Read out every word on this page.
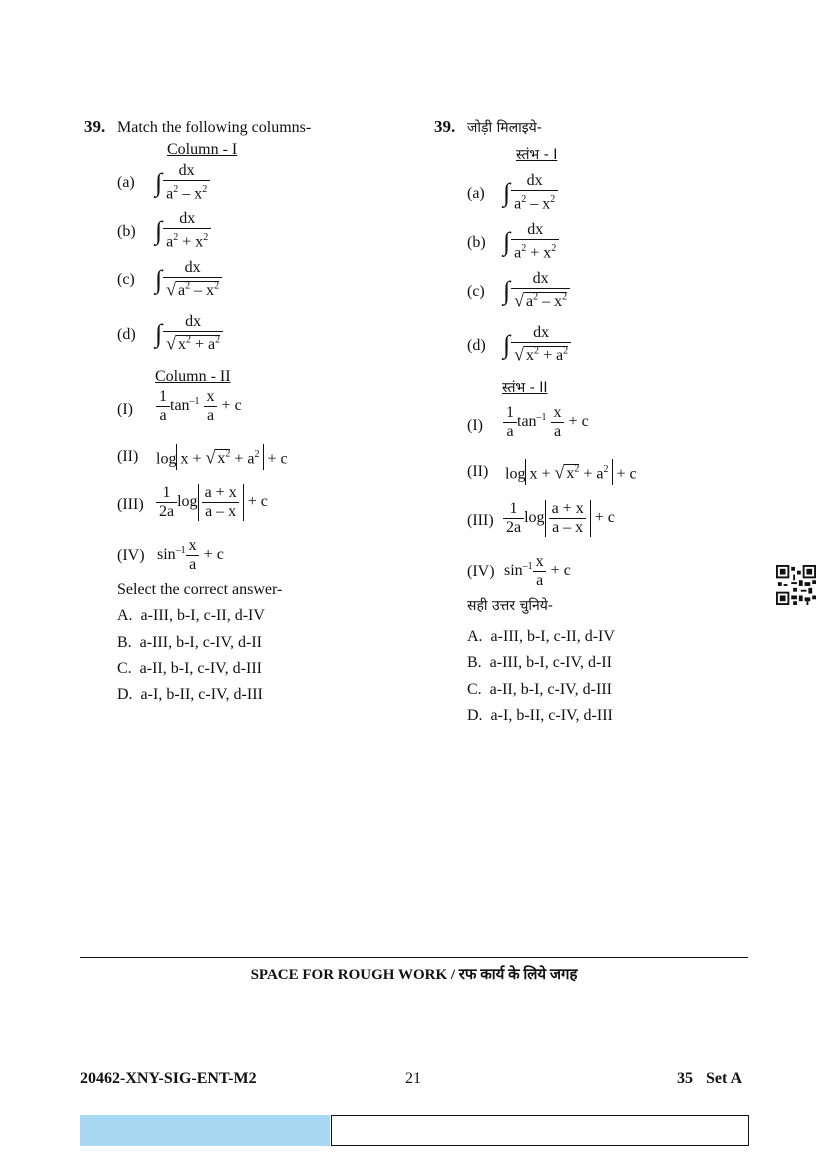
39. Match the following columns-
Column - I
(a) ∫ $\frac{dx}{a^2 - x^2}$
(b) ∫ $\frac{dx}{a^2 + x^2}$
(c) ∫ $\frac{dx}{√ a^2 - x^2}$
(d) ∫ $\frac{dx}{√ x^2 + a^2}$
Column - II
$(I) \frac{1}{a} \tan^{-1} \frac{x}{a} + c$
(II) log x + √ $x^2 + a^2 + c$
$(III) \frac{1}{2a}$ $\log \frac{a + x}{a - x} + c$
(IV) $\sin^{-1} \frac{x}{a} + c$
Select the correct answer-
A.  a-III, b-I, c-II, d-IV
B.  a-III, b-I, c-IV, d-II
C.  a-II, b-I, c-IV, d-III
D.  a-I, b-II, c-IV, d-III
39. जोड़ी मिलाइये-
स्तंभ - I
(a) ∫ $\frac{dx}{a^2 - x^2}$
(b) ∫ $\frac{dx}{a^2 + x^2}$
(c) ∫ $\frac{dx}{√ a^2 - x^2}$
(d) ∫ $\frac{dx}{√ x^2 + a^2}$
स्तंभ - II
$(I) \frac{1}{a} \tan^{-1} \frac{x}{a} + c$
(II) log x + √ $x^2 + a^2 + c$
$(III) \frac{1}{2a}$ $\log \frac{a + x}{a - x} + c$
(IV) $\sin^{-1} \frac{x}{a} + c$
सही उत्तर चुनिये-
A.  a-III, b-I, c-II, d-IV
B.  a-III, b-I, c-IV, d-II
C.  a-II, b-I, c-IV, d-III
D.  a-I, b-II, c-IV, d-III
SPACE FOR ROUGH WORK / रफ कार्य के लिये जगह
20462-XNY-SIG-ENT-M2	21	35 Set A
